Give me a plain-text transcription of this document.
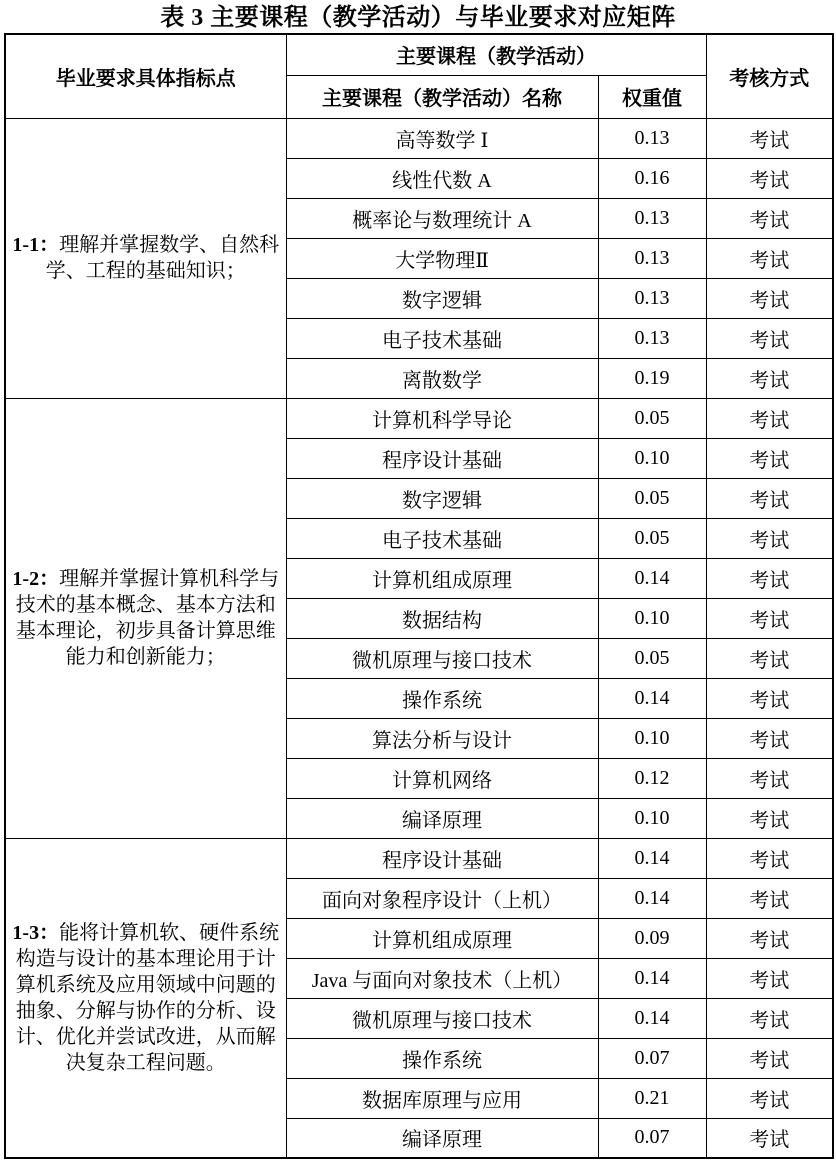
表 3 主要课程（教学活动）与毕业要求对应矩阵
毕业要求具体指标点	主要课程（教学活动）		考核方式
	主要课程（教学活动）名称	权重值	
1-1：理解并掌握数学、自然科学、工程的基础知识；	高等数学 Ⅰ	0.13	考试
	线性代数 A	0.16	考试
	概率论与数理统计 A	0.13	考试
	大学物理Ⅱ	0.13	考试
	数字逻辑	0.13	考试
	电子技术基础	0.13	考试
	离散数学	0.19	考试
1-2：理解并掌握计算机科学与技术的基本概念、基本方法和基本理论，初步具备计算思维能力和创新能力；	计算机科学导论	0.05	考试
	程序设计基础	0.10	考试
	数字逻辑	0.05	考试
	电子技术基础	0.05	考试
	计算机组成原理	0.14	考试
	数据结构	0.10	考试
	微机原理与接口技术	0.05	考试
	操作系统	0.14	考试
	算法分析与设计	0.10	考试
	计算机网络	0.12	考试
	编译原理	0.10	考试
1-3：能将计算机软、硬件系统构造与设计的基本理论用于计算机系统及应用领域中问题的抽象、分解与协作的分析、设计、优化并尝试改进，从而解决复杂工程问题。	程序设计基础	0.14	考试
	面向对象程序设计（上机）	0.14	考试
	计算机组成原理	0.09	考试
	Java 与面向对象技术（上机）	0.14	考试
	微机原理与接口技术	0.14	考试
	操作系统	0.07	考试
	数据库原理与应用	0.21	考试
	编译原理	0.07	考试
